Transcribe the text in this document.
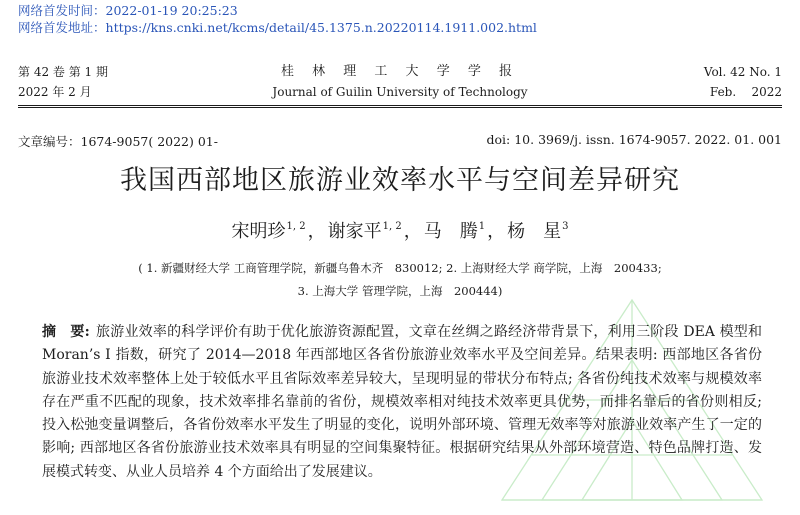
网络首发时间：2022-01-19 20:25:23
网络首发地址：https://kns.cnki.net/kcms/detail/45.1375.n.20220114.1911.002.html
第 42 卷 第 1 期
2022 年 2 月
桂 林 理 工 大 学 学 报
Journal of Guilin University of Technology
Vol. 42 No. 1
Feb. 2022
文章编号：1674-9057( 2022) 01-	doi: 10. 3969/j. issn. 1674-9057. 2022. 01. 001
我国西部地区旅游业效率水平与空间差异研究
宋明珍$^{1, 2}$ ， 谢家平$^{1, 2}$ ， 马　腾$^1$ ， 杨　星$^3$
( 1. 新疆财经大学 工商管理学院，新疆乌鲁木齐　830012; 2. 上海财经大学 商学院，上海　200433;
3. 上海大学 管理学院，上海　200444)
摘　要: 旅游业效率的科学评价有助于优化旅游资源配置，文章在丝绸之路经济带背景下，利用三阶段 DEA 模型和 Moran’s I 指数，研究了 2014—2018 年西部地区各省份旅游业效率水平及空间差异。结果表明: 西部地区各省份旅游业技术效率整体上处于较低水平且省际效率差异较大，呈现明显的带状分布特点; 各省份纯技术效率与规模效率存在严重不匹配的现象，技术效率排名靠前的省份，规模效率相对纯技术效率更具优势，而排名靠后的省份则相反; 投入松弛变量调整后，各省份效率水平发生了明显的变化，说明外部环境、管理无效率等对旅游业效率产生了一定的影响; 西部地区各省份旅游业技术效率具有明显的空间集聚特征。根据研究结果从外部环境营造、特色品牌打造、发展模式转变、从业人员培养 4 个方面给出了发展建议。
